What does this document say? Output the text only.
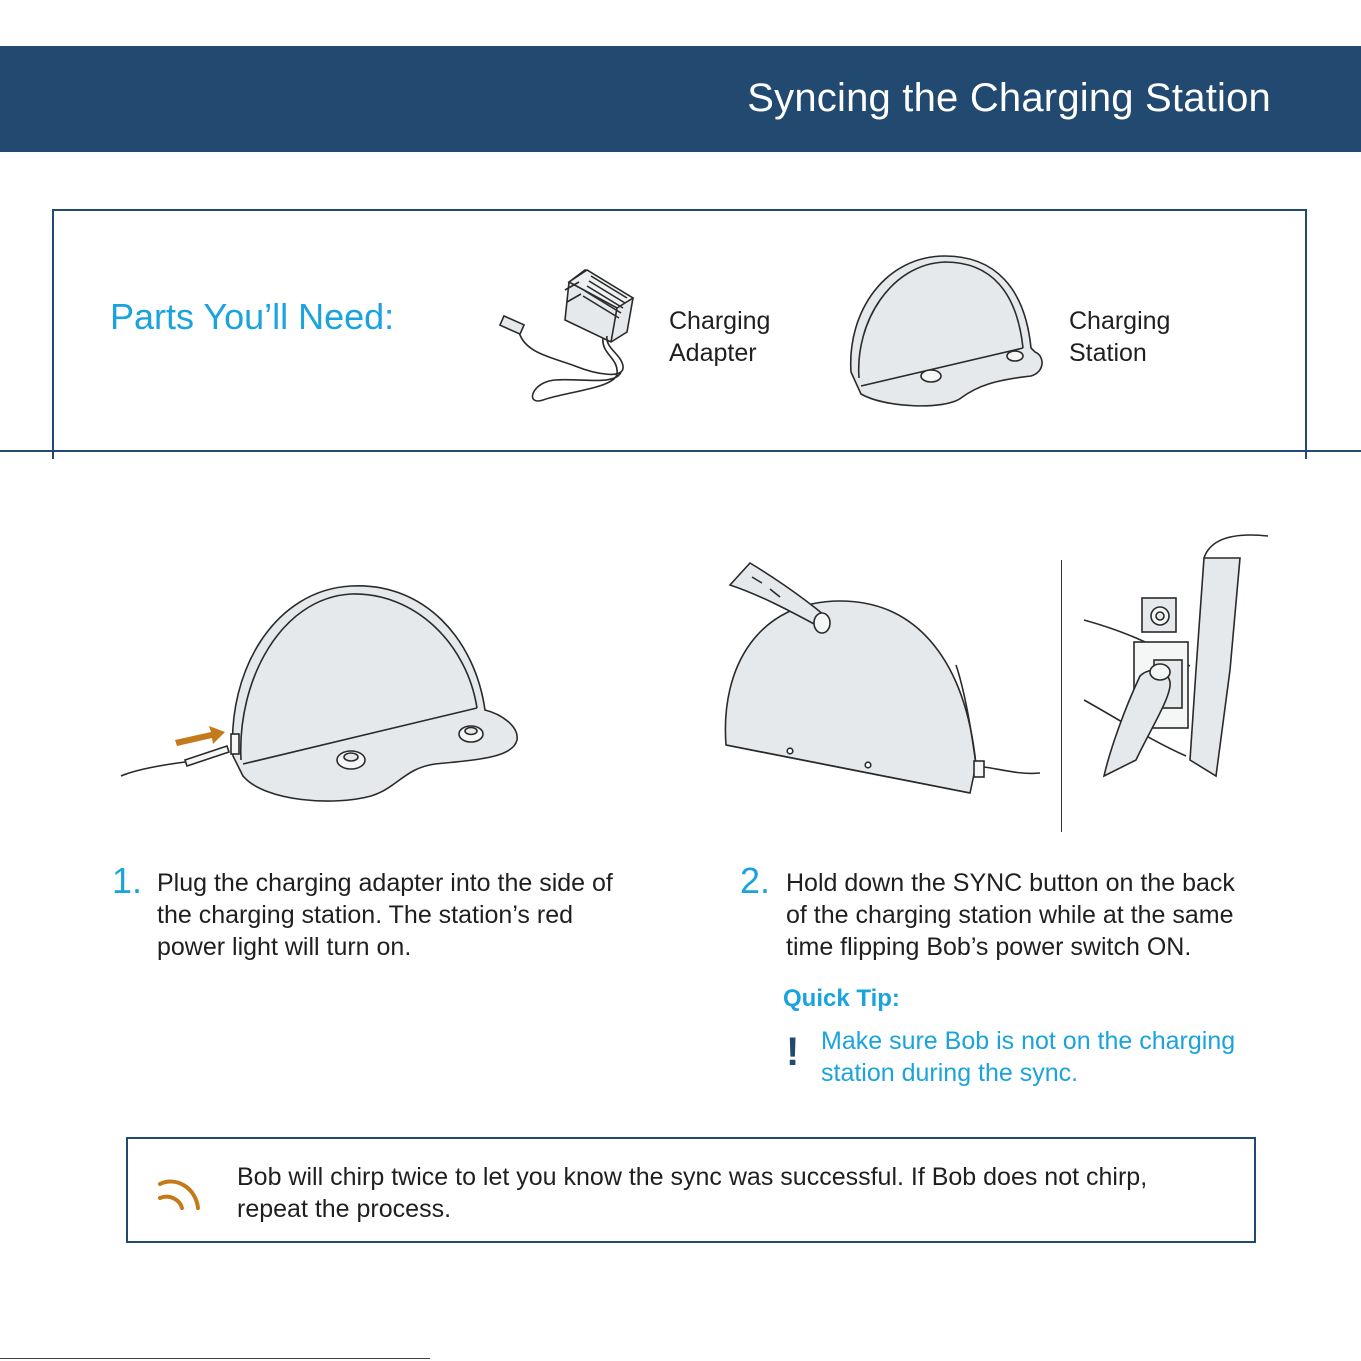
Syncing the Charging Station
Parts You’ll Need:	Charging
Adapter
Charging
Station
1. Plug the charging adapter into the side of
the charging station. The station’s red
power light will turn on.
2. Hold down the SYNC button on the back
of the charging station while at the same
time flipping Bob’s power switch ON.
Quick Tip:
! Make sure Bob is not on the charging
station during the sync.
Bob will chirp twice to let you know the sync was successful. If Bob does not chirp,
repeat the process.
